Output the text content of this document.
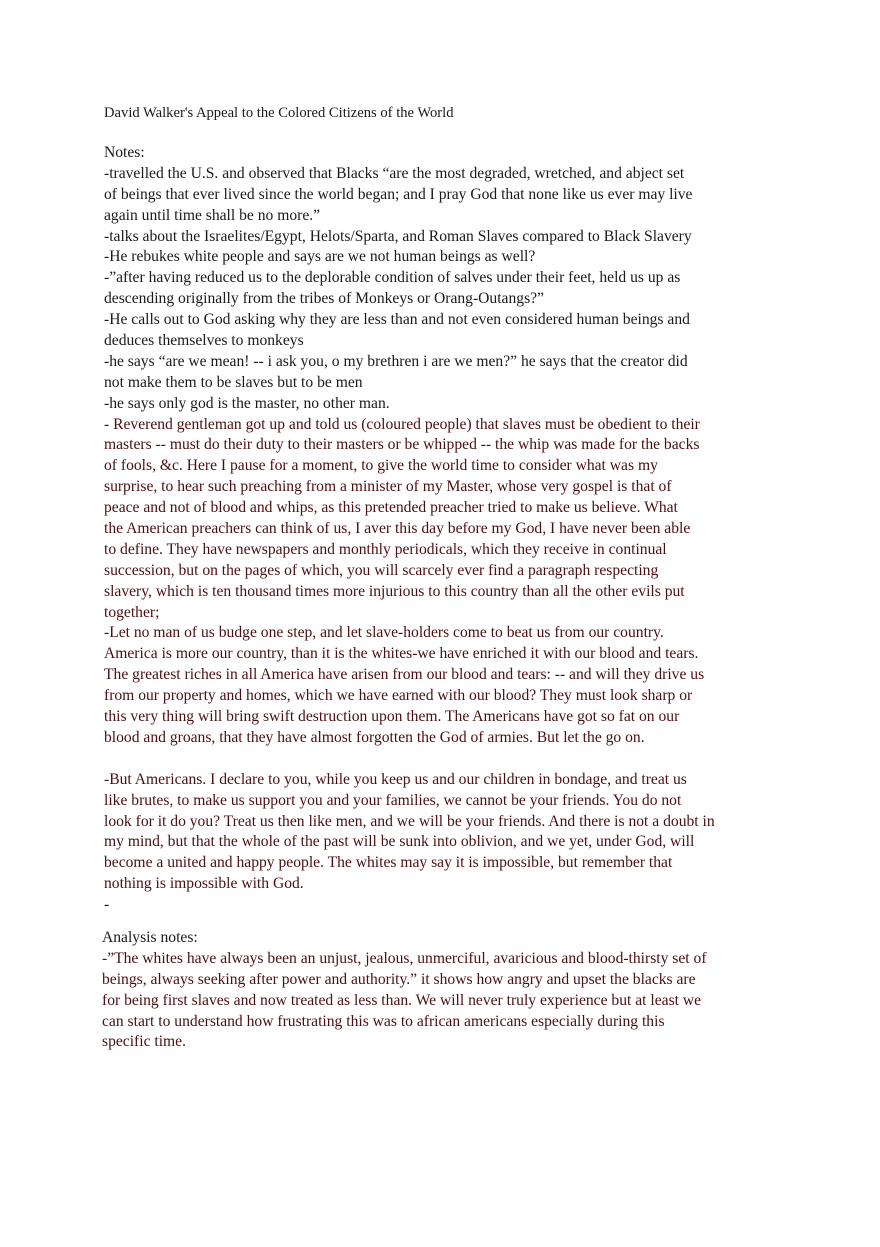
David Walker's Appeal to the Colored Citizens of the World
Notes:
-travelled the U.S. and observed that Blacks “are the most degraded, wretched, and abject set
of beings that ever lived since the world began; and I pray God that none like us ever may live
again until time shall be no more.”
-talks about the Israelites/Egypt, Helots/Sparta, and Roman Slaves compared to Black Slavery
-He rebukes white people and says are we not human beings as well?
-”after having reduced us to the deplorable condition of salves under their feet, held us up as
descending originally from the tribes of Monkeys or Orang-Outangs?”
-He calls out to God asking why they are less than and not even considered human beings and
deduces themselves to monkeys
-he says “are we mean! -- i ask you, o my brethren i are we men?” he says that the creator did
not make them to be slaves but to be men
-he says only god is the master, no other man.
- Reverend gentleman got up and told us (coloured people) that slaves must be obedient to their
masters -- must do their duty to their masters or be whipped -- the whip was made for the backs
of fools, &c. Here I pause for a moment, to give the world time to consider what was my
surprise, to hear such preaching from a minister of my Master, whose very gospel is that of
peace and not of blood and whips, as this pretended preacher tried to make us believe. What
the American preachers can think of us, I aver this day before my God, I have never been able
to define. They have newspapers and monthly periodicals, which they receive in continual
succession, but on the pages of which, you will scarcely ever find a paragraph respecting
slavery, which is ten thousand times more injurious to this country than all the other evils put
together;
-Let no man of us budge one step, and let slave-holders come to beat us from our country.
America is more our country, than it is the whites-we have enriched it with our blood and tears.
The greatest riches in all America have arisen from our blood and tears: -- and will they drive us
from our property and homes, which we have earned with our blood? They must look sharp or
this very thing will bring swift destruction upon them. The Americans have got so fat on our
blood and groans, that they have almost forgotten the God of armies. But let the go on.
-But Americans. I declare to you, while you keep us and our children in bondage, and treat us
like brutes, to make us support you and your families, we cannot be your friends. You do not
look for it do you? Treat us then like men, and we will be your friends. And there is not a doubt in
my mind, but that the whole of the past will be sunk into oblivion, and we yet, under God, will
become a united and happy people. The whites may say it is impossible, but remember that
nothing is impossible with God.
-
Analysis notes:
-”The whites have always been an unjust, jealous, unmerciful, avaricious and blood-thirsty set of
beings, always seeking after power and authority.” it shows how angry and upset the blacks are
for being first slaves and now treated as less than. We will never truly experience but at least we
can start to understand how frustrating this was to african americans especially during this
specific time.
